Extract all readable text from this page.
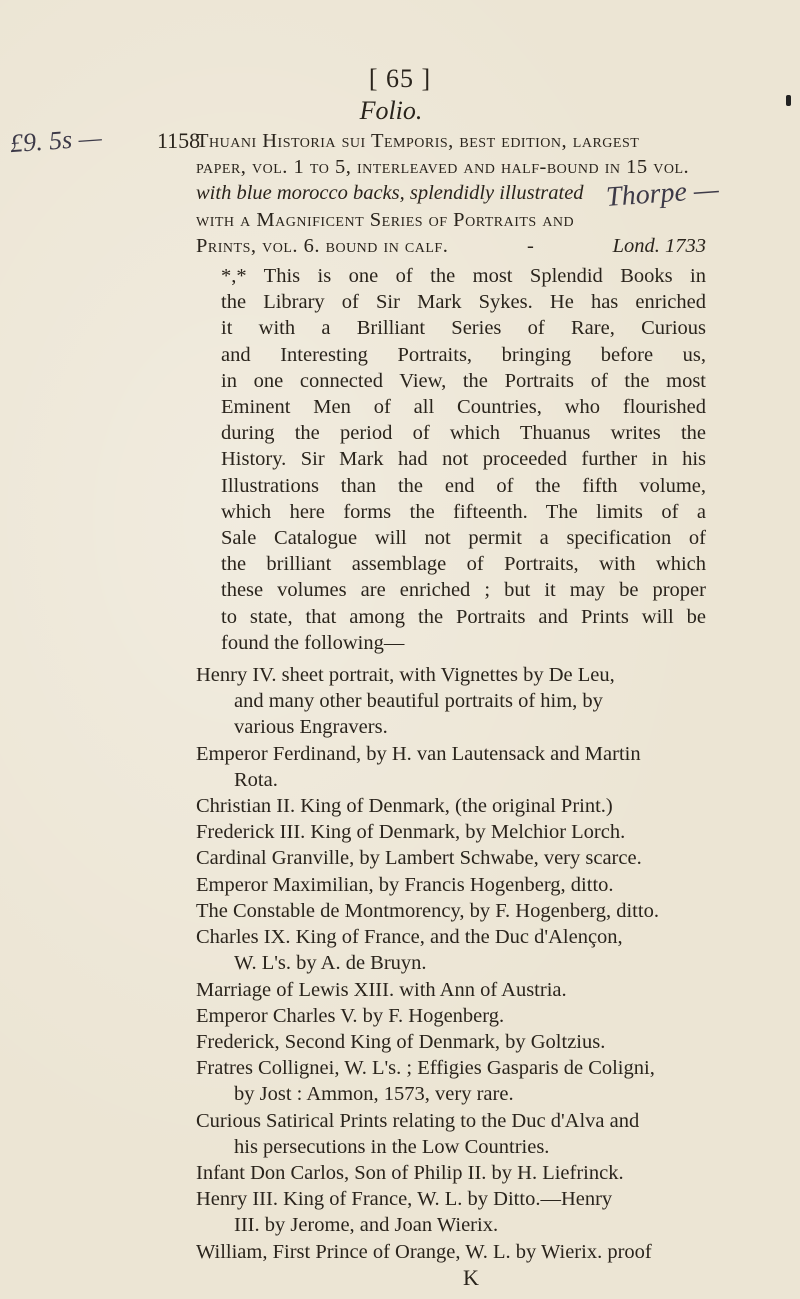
[ 65 ]
Folio.
£9. 5s —
Thorpe —
1158

Thuani Historia sui Temporis, best edition, largest

paper, vol. 1 to 5, interleaved and half-bound in 15 vol.

with blue morocco backs, splendidly illustrated

with a Magnificent Series of Portraits and

Prints, vol. 6. bound in calf.	-	Lond. 1733

*,* This is one of the most Splendid Books in
the Library of Sir Mark Sykes. He has enriched
it with a Brilliant Series of Rare, Curious
and Interesting Portraits, bringing before us,
in one connected View, the Portraits of the most
Eminent Men of all Countries, who flourished
during the period of which Thuanus writes the
History. Sir Mark had not proceeded further in his
Illustrations than the end of the fifth volume,
which here forms the fifteenth. The limits of a
Sale Catalogue will not permit a specification of
the brilliant assemblage of Portraits, with which
these volumes are enriched ; but it may be proper
to state, that among the Portraits and Prints will be
found the following—
Henry IV. sheet portrait, with Vignettes by De Leu,
and many other beautiful portraits of him, by
various Engravers.
Emperor Ferdinand, by H. van Lautensack and Martin
Rota.
Christian II. King of Denmark, (the original Print.)
Frederick III. King of Denmark, by Melchior Lorch.
Cardinal Granville, by Lambert Schwabe, very scarce.
Emperor Maximilian, by Francis Hogenberg, ditto.
The Constable de Montmorency, by F. Hogenberg, ditto.
Charles IX. King of France, and the Duc d'Alençon,
W. L's. by A. de Bruyn.
Marriage of Lewis XIII. with Ann of Austria.
Emperor Charles V. by F. Hogenberg.
Frederick, Second King of Denmark, by Goltzius.
Fratres Collignei, W. L's. ; Effigies Gasparis de Coligni,
by Jost : Ammon, 1573, very rare.
Curious Satirical Prints relating to the Duc d'Alva and
his persecutions in the Low Countries.
Infant Don Carlos, Son of Philip II. by H. Liefrinck.
Henry III. King of France, W. L. by Ditto.—Henry
III. by Jerome, and Joan Wierix.
William, First Prince of Orange, W. L. by Wierix. proof
K
